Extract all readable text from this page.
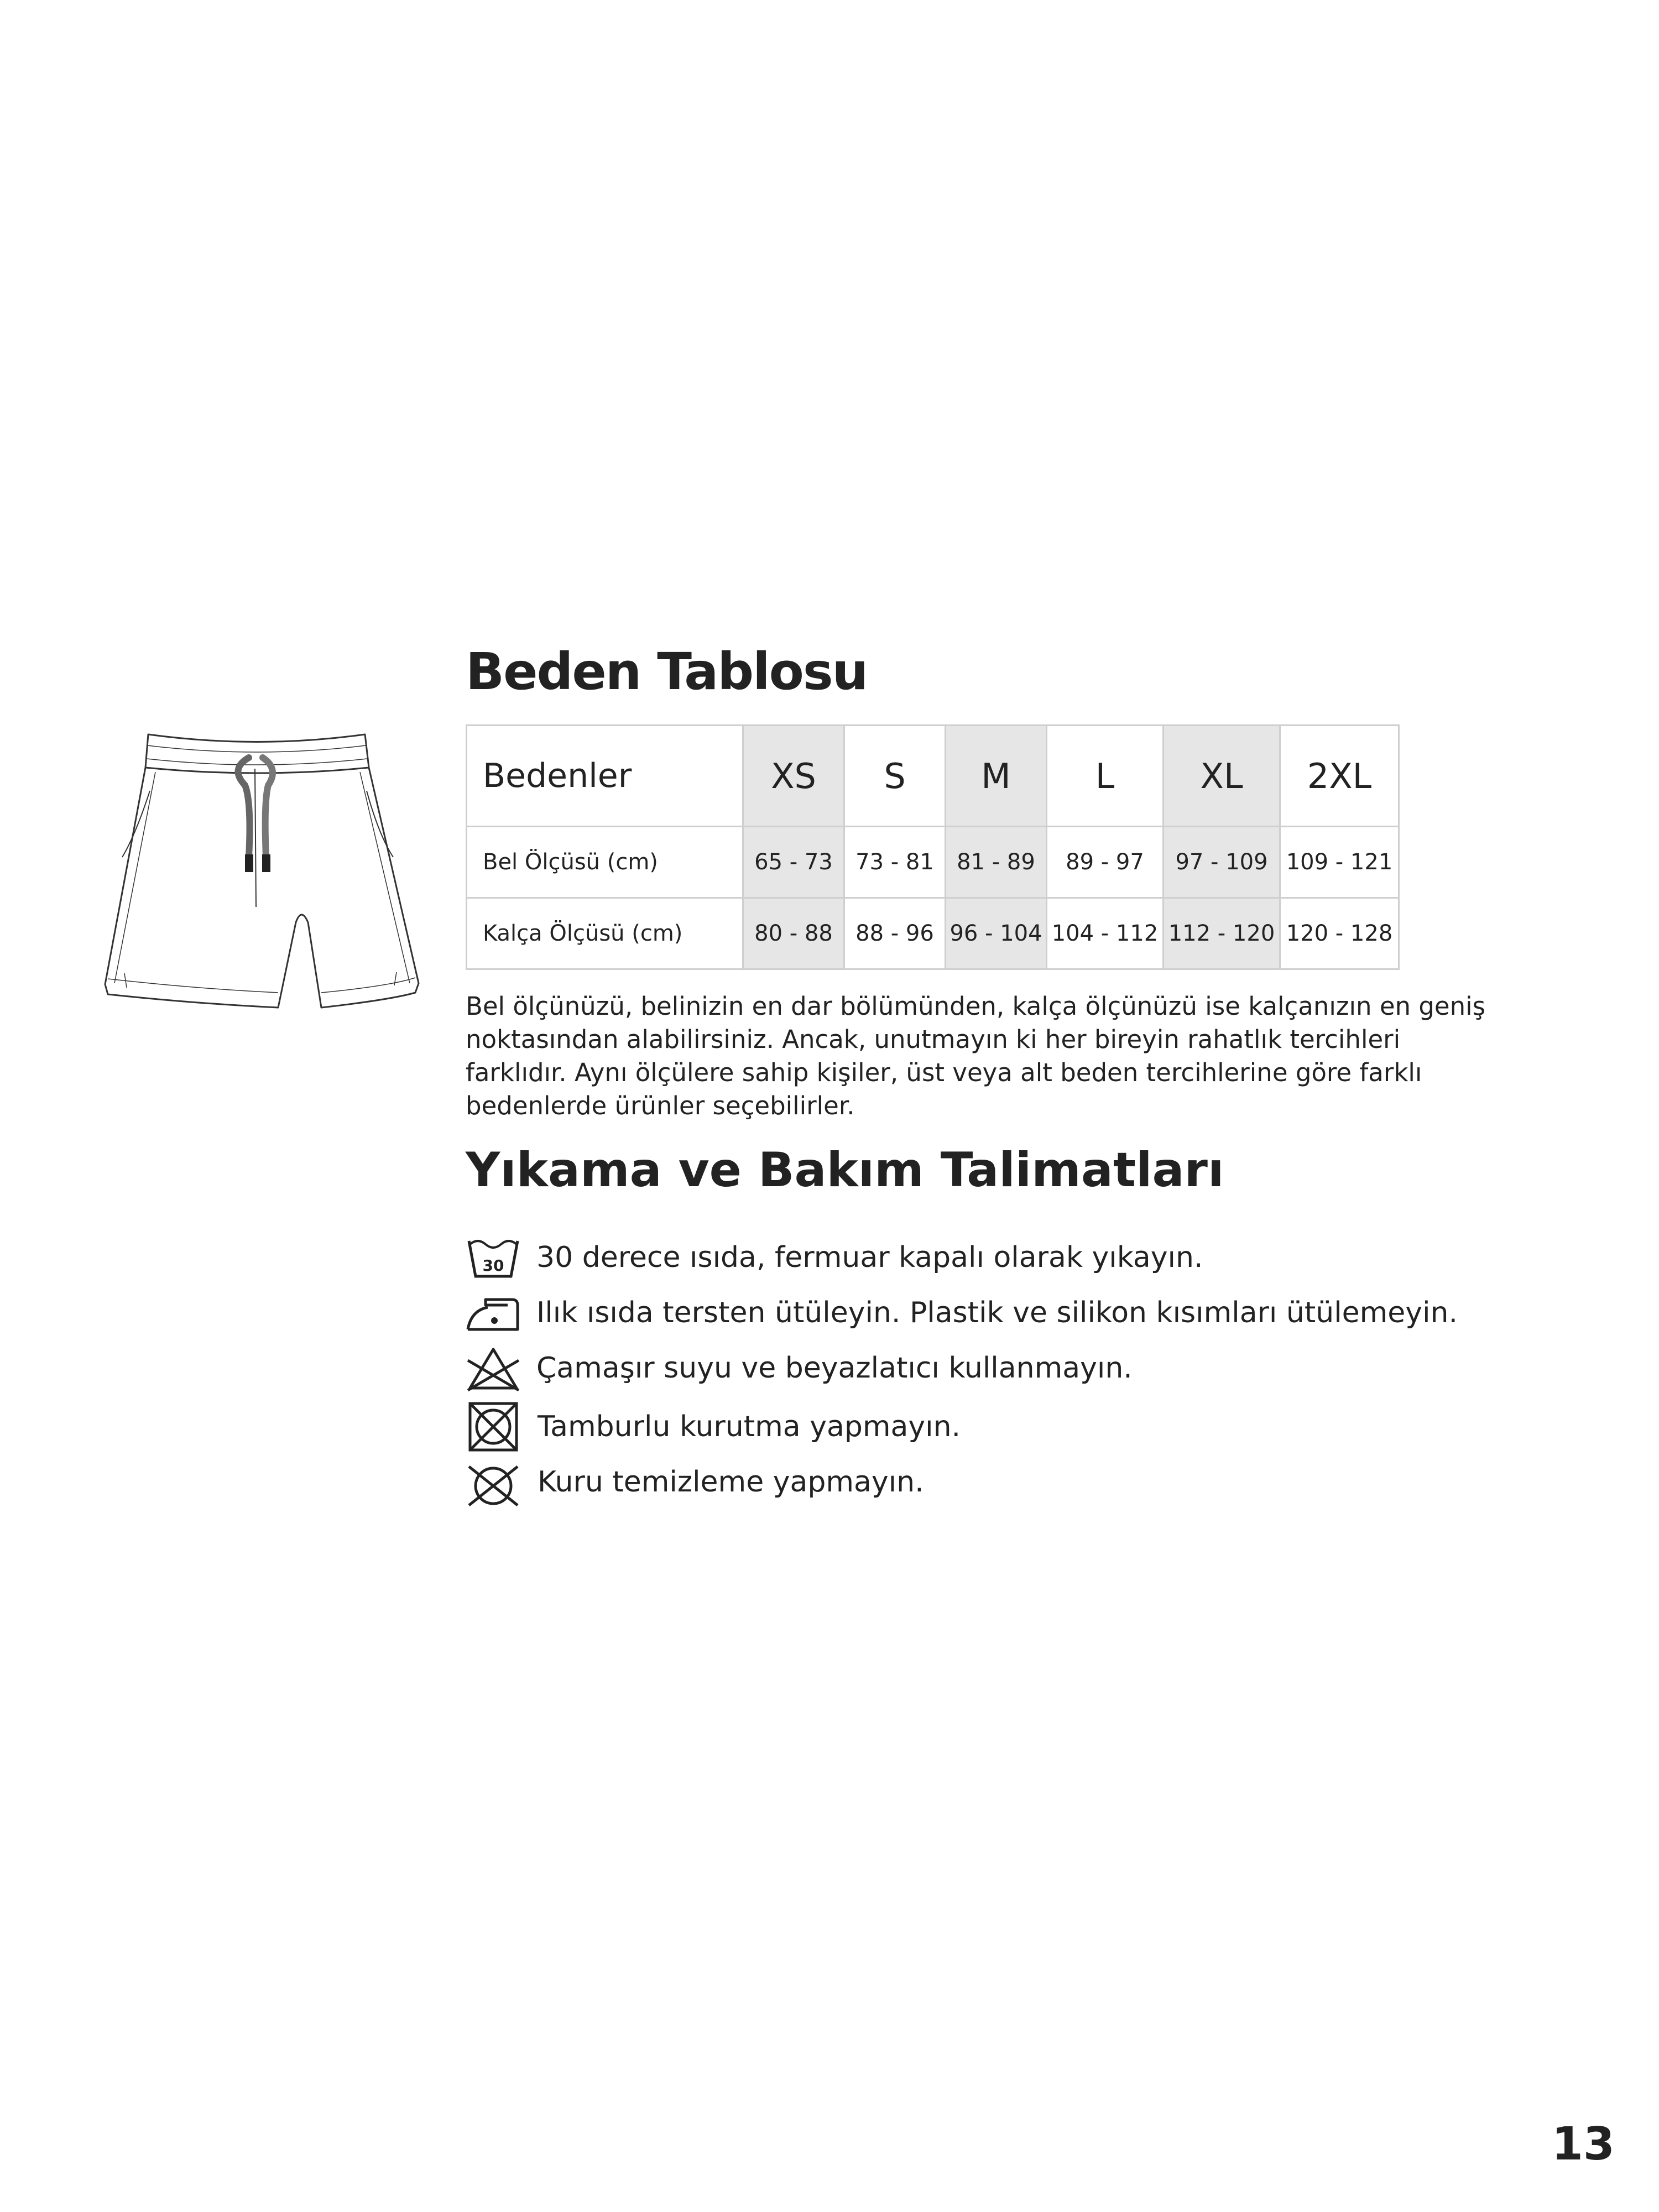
Beden Tablosu
Bedenler	XS	S	M	L	XL	2XL
Bel Ölçüsü (cm)	65 - 73	73 - 81	81 - 89	89 - 97	97 - 109	109 - 121
Kalça Ölçüsü (cm)	80 - 88	88 - 96	96 - 104	104 - 112	112 - 120	120 - 128

Bel ölçünüzü, belinizin en dar bölümünden, kalça ölçünüzü ise kalçanızın en geniş noktasından alabilirsiniz. Ancak, unutmayın ki her bireyin rahatlık tercihleri farklıdır. Aynı ölçülere sahip kişiler, üst veya alt beden tercihlerine göre farklı bedenlerde ürünler seçebilirler.

Yıkama ve Bakım Talimatları
30 30 derece ısıda, fermuar kapalı olarak yıkayın.
Ilık ısıda tersten ütüleyin. Plastik ve silikon kısımları ütülemeyin.
Çamaşır suyu ve beyazlatıcı kullanmayın.
Tamburlu kurutma yapmayın.
Kuru temizleme yapmayın.
13
